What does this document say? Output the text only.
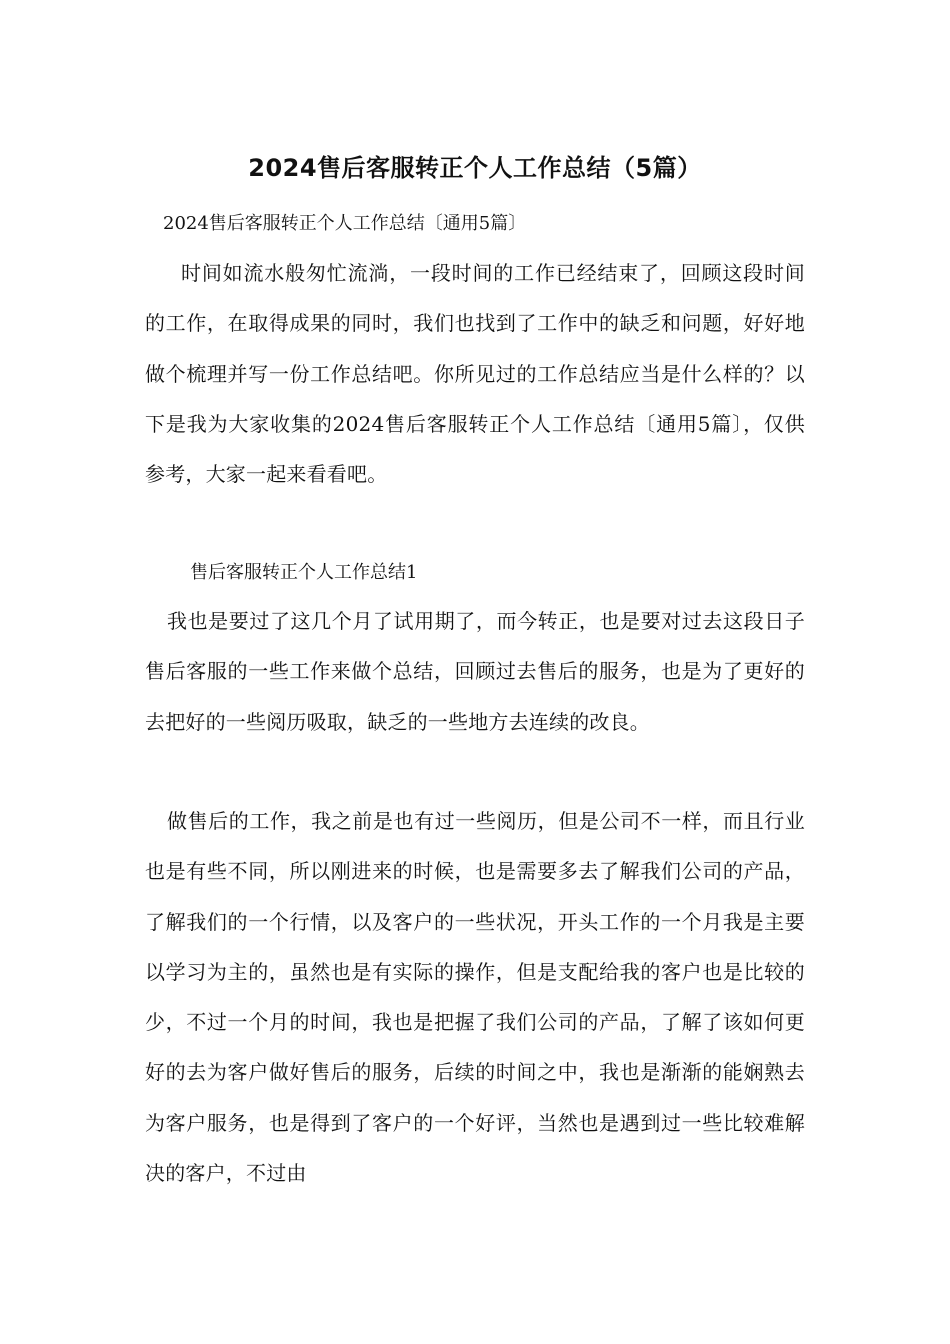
2024售后客服转正个人工作总结（5篇）
2024售后客服转正个人工作总结〔通用5篇〕
时间如流水般匆忙流淌，一段时间的工作已经结束了，回顾这段时间的工作，在取得成果的同时，我们也找到了工作中的缺乏和问题，好好地做个梳理并写一份工作总结吧。你所见过的工作总结应当是什么样的？以下是我为大家收集的2024售后客服转正个人工作总结〔通用5篇〕，仅供参考，大家一起来看看吧。
售后客服转正个人工作总结1
我也是要过了这几个月了试用期了，而今转正，也是要对过去这段日子售后客服的一些工作来做个总结，回顾过去售后的服务，也是为了更好的去把好的一些阅历吸取，缺乏的一些地方去连续的改良。
做售后的工作，我之前是也有过一些阅历，但是公司不一样，而且行业也是有些不同，所以刚进来的时候，也是需要多去了解我们公司的产品，了解我们的一个行情，以及客户的一些状况，开头工作的一个月我是主要以学习为主的，虽然也是有实际的操作，但是支配给我的客户也是比较的少，不过一个月的时间，我也是把握了我们公司的产品，了解了该如何更好的去为客户做好售后的服务，后续的时间之中，我也是渐渐的能娴熟去为客户服务，也是得到了客户的一个好评，当然也是遇到过一些比较难解决的客户，不过由
